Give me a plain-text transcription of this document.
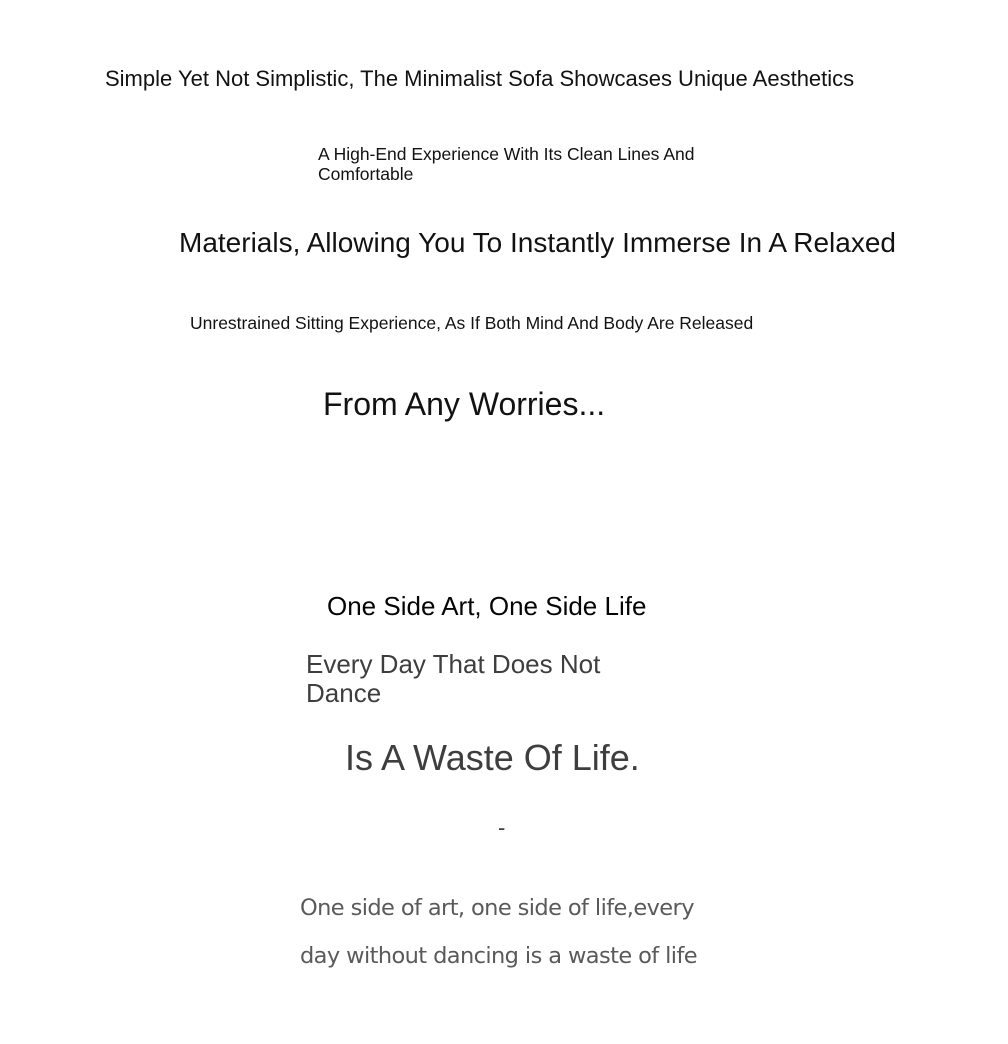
Simple Yet Not Simplistic, The Minimalist Sofa Showcases Unique Aesthetics

A High-End Experience With Its Clean Lines And Comfortable

Materials, Allowing You To Instantly Immerse In A Relaxed

Unrestrained Sitting Experience, As If Both Mind And Body Are Released

From Any Worries...

One Side Art, One Side Life

Every Day That Does Not Dance

Is A Waste Of Life.

-

One side of art, one side of life,every day without dancing is a waste of life
